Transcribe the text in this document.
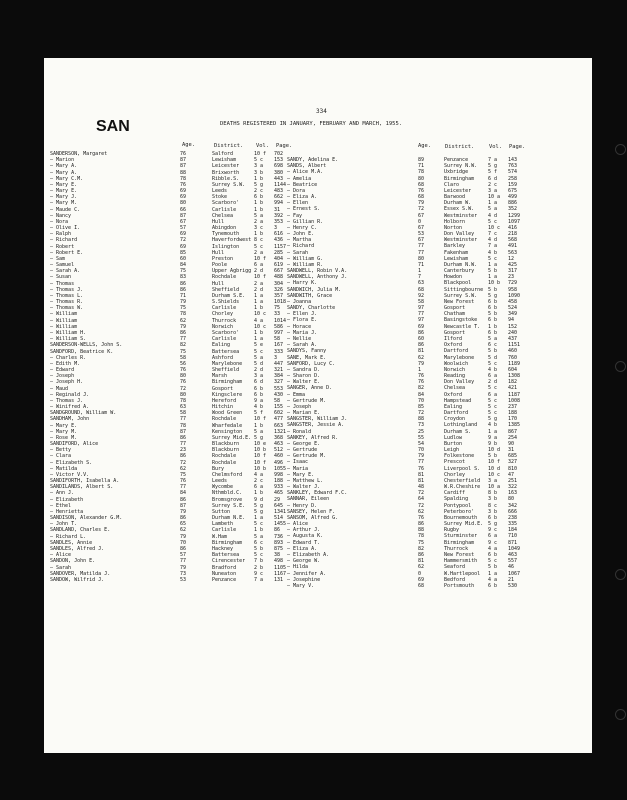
SAN
334
DEATHS REGISTERED IN JANUARY, FEBRUARY AND MARCH, 1955.
Age.	District. Vol. Page.	Age.	District.	Vol. Page.
SANDERSON, Margaret	76	Salford	10 f	702
— Marion	87	Lewisham	5 c	153
— Mary A.	87	Leicester	3 a	698
— Mary A.	88	Brixworth	3 b	380
— Mary C.M.	78	Ribble.S.	1 b	443
— Mary E.	76	Surrey S.W.	5 g	1144
— Mary E.	69	Leeds	2 c	483
— Mary J.	69	Stoke	6 b	662
— Mary M.	80	Scarboro'	1 b	994
— Maude C.	66	Carlisle	1 b	31
— Nancy	87	Chelsea	5 a	392
— Nora	67	Hull	2 a	353
— Olive I.	57	Abingdon	3 c	3
— Ralph	69	Tynemouth	1 b	616
— Richard	72	Haverfordwest 8 c	436
— Robert	69	Islington	5 c	1157
— Robert E.	85	Hull	2 a	285
— Sam	60	Preston	10 f	404
— Samuel	84	Poole	6 a	619
— Sarah A.	75	Upper Agbrigg 2 d	667
— Susan	83	Rochdale	10 f	488
— Thomas	86	Hull	2 a	304
— Thomas J.	86	Sheffield	2 d	326
— Thomas L.	71	Durham S.E.	1 a	357
— Thomas R.	79	S.Shields	1 a	1018
— Thomas W.	75	Carlisle	1 b	75
— William	78	Chorley	10 c	33
— William	62	Thurrock	4 a	1014
— William	79	Norwich	10 c	586
— William H.	86	Scarboro'	1 b	997
— William S.	77	Carlisle	1 a	58
SANDERSON-WELLS, John S.	82	Ealing	5 e	167
SANDFORD, Beatrice K.	75	Battersea	5 c	333
— Charles R.	58	Ashford	5 a	3
— Edith M.	56	Marylebone	5 d	447
— Edward	76	Sheffield	2 d	321
— Joseph	80	Marsh	3 a	384
— Joseph H.	76	Birmingham	6 d	327
— Maud	72	Gosport	6 b	553
— Reginald J.	80	Kingsclere	6 b	430
— Thomas J.	78	Hereford	9 a	58
— Winifred A.	63	Hitchin	4 b	155
SANDGROUND, William W.	58	Wood Green	5 f	602
SANDHAM, John	77	Rochdale	10 f	477
— Mary E.	78	Wharfedale	1 b	663
— Mary M.	87	Kensington	5 a	1321
— Rose M.	86	Surrey Mid.E. 5 g	368
SANDIFORD, Alice	77	Blackburn	10 e	463
— Betty	23	Blackburn	10 b	512
— Clara	86	Rochdale	10 f	460
— Elizabeth S.	72	Rochdale	10 f	496
— Matilda	62	Bury	10 b	1055
— Victor V.V.	75	Chelmsford	4 a	998
SANDIFORTH, Isabella A.	76	Leeds	2 c	188
SANDILANDS, Albert S.	77	Wycombe	6 a	933
— Ann J.	84	Nthmbld.C.	1 b	465
— Elizabeth	86	Bromsgrove	9 d	29
— Ethel	87	Surrey S.E.	5 g	645
— Henrietta	79	Sutton	5 g	1341
SANDISON, Alexander G.M.	86	Durham N.E.	1 a	514
— John T.	65	Lambeth	5 c	1455
SANDLAND, Charles E.	62	Carlisle	1 b	86
— Richard L.	79	W.Ham	5 a	736
SANDLES, Annie	70	Birmingham	6 c	893
SANDLES, Alfred J.	86	Hackney	5 b	875
— Alice	57	Battersea	5 c	38
SANDON, John E.	77	Cirencester	7 b	498
— Sarah	79	Bradford	2 b	1105
SANDOVER, Matilda J.	73	Nuneaton	9 c	1167
SANDOW, Wilfrid J.	53	Penzance	7 a	131
SANDY, Adelina E.	89	Penzance	7 a	143
SANDS, Albert	71	Surrey N.W.	5 g	763
— Alice M.A.	78	Uxbridge	5 f	574
— Amelia	80	Birmingham	6 d	258
— Beatrice	68	Claro	2 c	159
— Dora	76	Leicester	3 a	675
— Eliza A.	68	Barwood	10 a	499
— Ellen	79	Durham W.	1 a	886
— Ernest S.	72	Essex S.W.	5 a	352
— Fay	67	Westminster	4 d	1299
— Gillian R.	0	Holborn	5 c	1097
— Henry C.	67	Norton	10 c	416
— John E.	53	Don Valley	7 c	218
— Martha	67	Westminster	4 d	568
— Richard	77	Barkley	7 a	491
— Sarah	77	Fakenham	4 b	563
— William G.	80	Lewisham	5 c	12
— William R.	71	Durham N.W.	1 a	425
SANDWELL, Robin V.A.	1	Canterbury	5 b	317
SANDWELL, Anthony J.	7	Howdon	1 a	23
— Harry K.	63	Blackpool	10 b	729
SANDWICH, Julia M.	68	Sittingbourne 5 b	958
SANDWITH, Grace	92	Surrey S.W.	5 g	1090
— Joanna	58	New Forest	6 b	458
SANDY, Charlotte	97	Gosport	6 b	524
— Ellen J.	77	Chatham	5 b	349
— Flora E.	97	Basingstoke	6 b	94
— Horace	69	Newcastle T.	1 b	152
— Maria J.	86	Gosport	6 b	240
— Nellie	60	Ilford	5 a	437
— Sarah A.	86	Oxford	6 c	1151
SANDYS, Fanny	81	Dartford	5 b	460
SANE, Mark E.	62	Marylebone	5 d	760
SANFORD, Lucy C.	79	Woolwich	5 c	1189
— Sandra D.	1	Norwich	4 b	604
— Sharon D.	76	Reading	6 a	1308
— Walter E.	76	Don Valley	2 d	182
SANGER, Anne D.	82	Chelsea	5 c	421
— Emma	84	Oxford	6 a	1187
— Gertrude M.	70	Hampstead	5 c	1008
— Joseph	85	Ealing	5 c	237
— Marian E.	72	Dartford	5 c	188
SANGSTER, William J.	88	Croydon	5 g	170
SANGSTER, Jessie A.	73	Lothingland	4 b	1385
— Ronald	25	Durham S.	1 a	867
SANKEY, Alfred R.	55	Ludlow	9 a	254
— George E.	54	Burton	9 b	90
— Gertrude	70	Leigh	10 d	31
— Gertrude M.	79	Folkestone	5 b	685
— Isaac	77	Prescot	10 f	327
— Maria	76	Liverpool S.	10 d	810
— Mary E.	81	Chorley	10 c	47
— Matthew L.	81	Chesterfield	3 a	251
— Walter J.	48	W.R.Cheshire	10 a	322
SANKLEY, Edward F.C.	72	Cardiff	8 b	163
SANNAR, Eileen	64	Spalding	3 b	80
— Henry D.	72	Pontypool	8 c	342
SANSEY, Helen F.	62	Peterboro'	3 b	666
SANSOM, Alfred G.	76	Bournemouth	6 b	238
— Alice	86	Surrey Mid.E. 5 g	335
— Arthur J.	88	Rugby	9 c	184
— Augusta K.	78	Sturminster	6 a	710
— Edward T.	75	Birmingham	9 c	871
— Eliza A.	82	Thurrock	4 a	1049
— Elizabeth A.	86	New Forest	6 b	463
— George W.	81	Hammersmith	5 c	557
— Hilda	62	Seaford	5 b	46
— Jennifer A.	0	W.Hartlepool	1 a	1067
— Josephine	69	Bedford	4 a	21
— Mary V.	68	Portsmouth	6 b	530
